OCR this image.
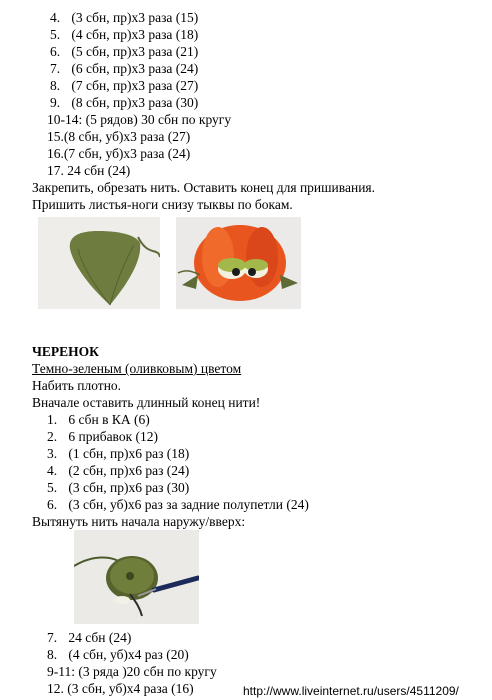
4. (3 сбн, пр)х3 раза (15)
5. (4 сбн, пр)х3 раза (18)
6. (5 сбн, пр)х3 раза (21)
7. (6 сбн, пр)х3 раза (24)
8. (7 сбн, пр)х3 раза (27)
9. (8 сбн, пр)х3 раза (30)
10-14: (5 рядов) 30 сбн по кругу
15.(8 сбн, уб)х3 раза (27)
16.(7 сбн, уб)х3 раза (24)
17. 24 сбн (24)
Закрепить, обрезать нить. Оставить конец для пришивания.
Пришить листья-ноги снизу тыквы по бокам.
ЧЕРЕНОК
Темно-зеленым (оливковым) цветом
Набить плотно.
Вначале оставить длинный конец нити!
1. 6 сбн в КА (6)
2. 6 прибавок (12)
3. (1 сбн, пр)х6 раз (18)
4. (2 сбн, пр)х6 раз (24)
5. (3 сбн, пр)х6 раз (30)
6. (3 сбн, уб)х6 раз за задние полупетли (24)
Вытянуть нить начала наружу/вверх:
7. 24 сбн (24)
8. (4 сбн, уб)х4 раз (20)
9-11: (3 ряда )20 сбн по кругу
12. (3 сбн, уб)х4 раза (16)	http://www.liveinternet.ru/users/4511209/
